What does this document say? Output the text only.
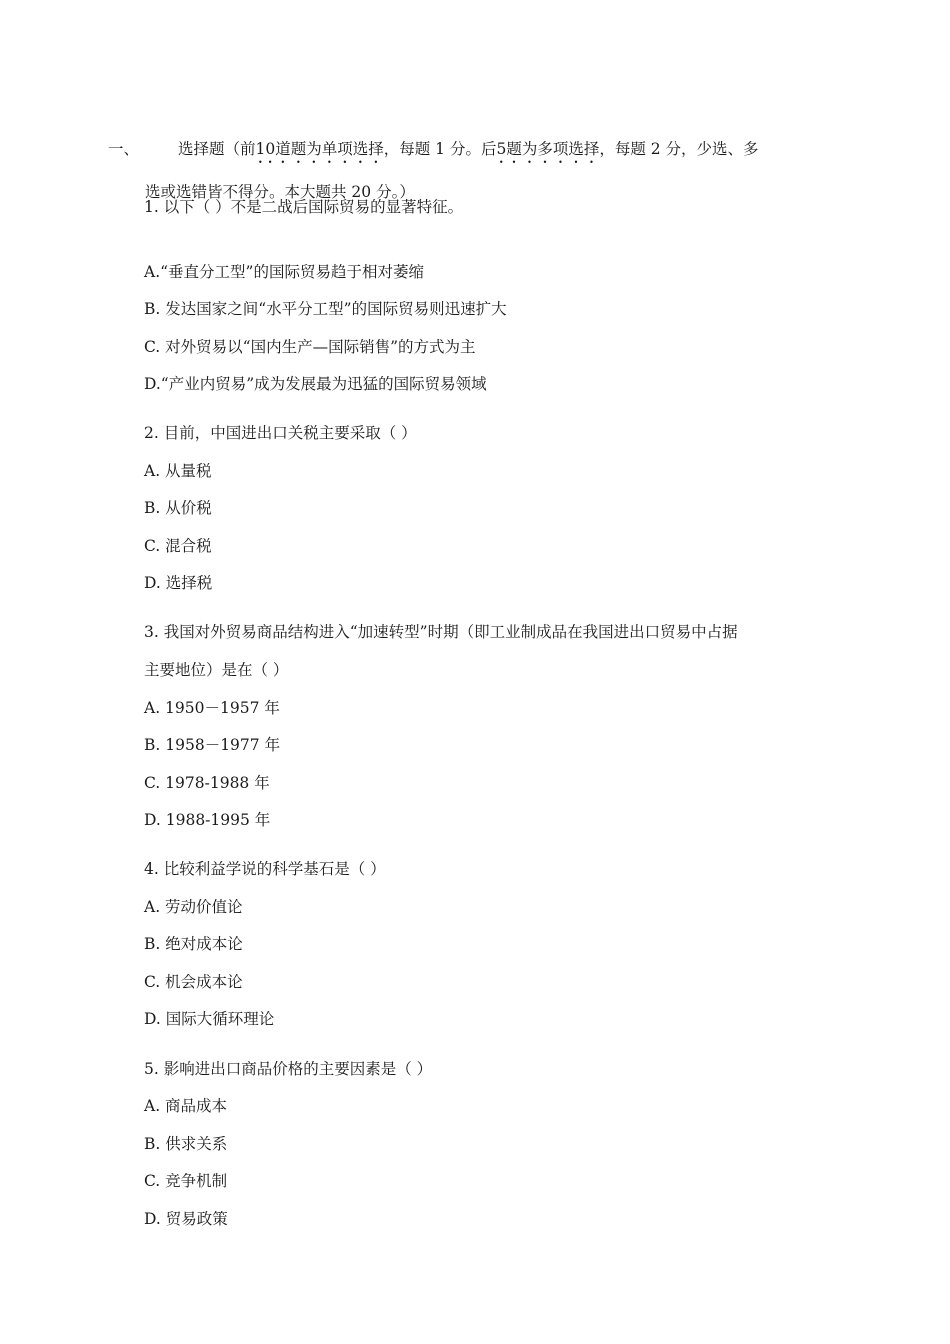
一、	选择题（前10道题为单项选择，每题 1 分。后5题为多项选择，每题 2 分，少选、多
选或选错皆不得分。本大题共 20 分。）
1. 以下（ ）不是二战后国际贸易的显著特征。
A.“垂直分工型”的国际贸易趋于相对萎缩
B. 发达国家之间“水平分工型”的国际贸易则迅速扩大
C. 对外贸易以“国内生产—国际销售”的方式为主
D.“产业内贸易”成为发展最为迅猛的国际贸易领域
2. 目前，中国进出口关税主要采取（ ）
A. 从量税
B. 从价税
C. 混合税
D. 选择税
3. 我国对外贸易商品结构进入“加速转型”时期（即工业制成品在我国进出口贸易中占据
主要地位）是在（ ）
A. 1950－1957 年
B. 1958－1977 年
C. 1978-1988 年
D. 1988-1995 年
4. 比较利益学说的科学基石是（ ）
A. 劳动价值论
B. 绝对成本论
C. 机会成本论
D. 国际大循环理论
5. 影响进出口商品价格的主要因素是（ ）
A. 商品成本
B. 供求关系
C. 竞争机制
D. 贸易政策
